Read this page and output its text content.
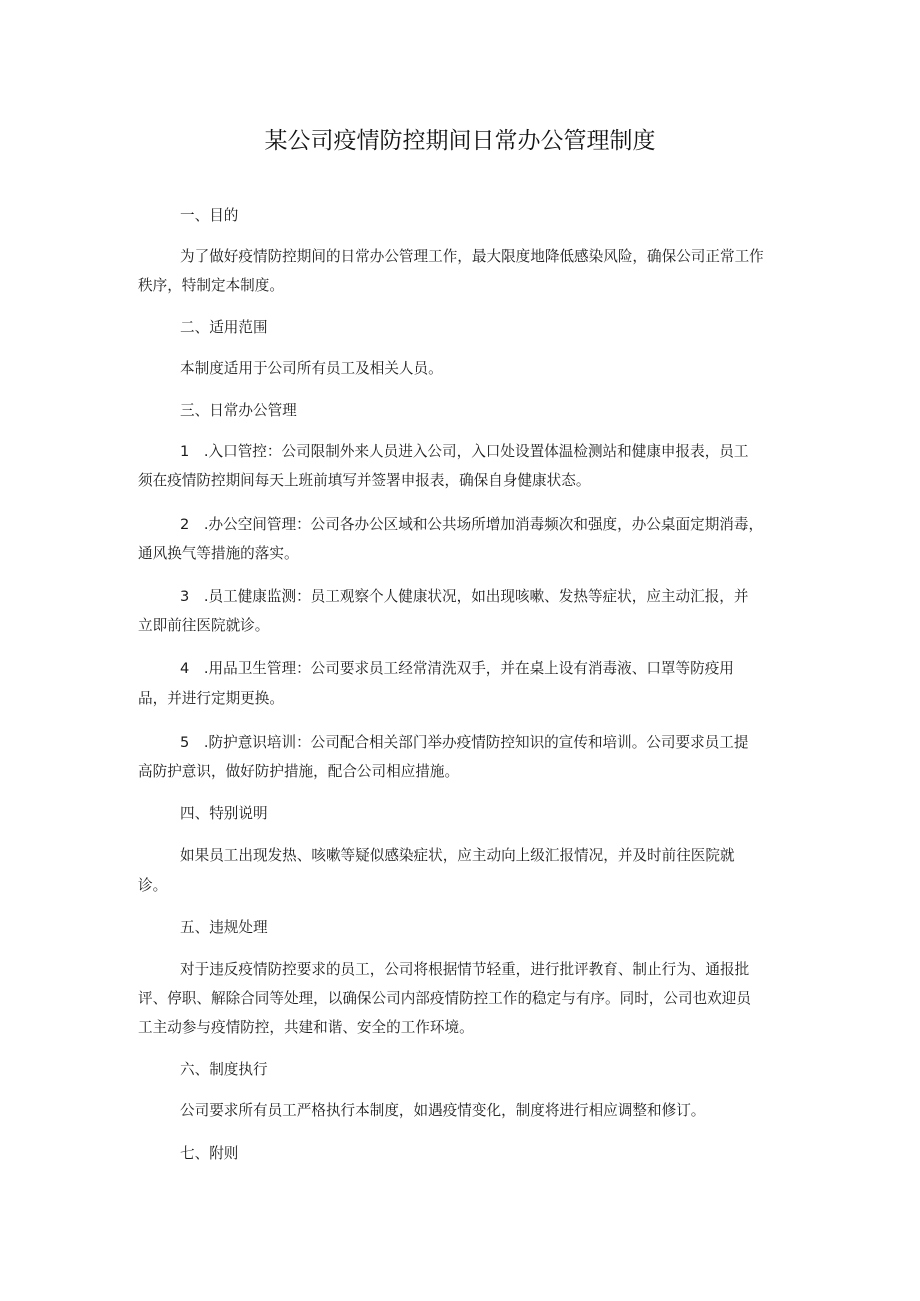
某公司疫情防控期间日常办公管理制度
一、目的
为了做好疫情防控期间的日常办公管理工作，最大限度地降低感染风险，确保公司正常工作
秩序，特制定本制度。
二、适用范围
本制度适用于公司所有员工及相关人员。
三、日常办公管理
1　.入口管控：公司限制外来人员进入公司，入口处设置体温检测站和健康申报表，员工
须在疫情防控期间每天上班前填写并签署申报表，确保自身健康状态。
2　.办公空间管理：公司各办公区域和公共场所增加消毒频次和强度，办公桌面定期消毒，
通风换气等措施的落实。
3　.员工健康监测：员工观察个人健康状况，如出现咳嗽、发热等症状，应主动汇报，并
立即前往医院就诊。
4　.用品卫生管理：公司要求员工经常清洗双手，并在桌上设有消毒液、口罩等防疫用
品，并进行定期更换。
5　.防护意识培训：公司配合相关部门举办疫情防控知识的宣传和培训。公司要求员工提
高防护意识，做好防护措施，配合公司相应措施。
四、特别说明
如果员工出现发热、咳嗽等疑似感染症状，应主动向上级汇报情况，并及时前往医院就
诊。
五、违规处理
对于违反疫情防控要求的员工，公司将根据情节轻重，进行批评教育、制止行为、通报批
评、停职、解除合同等处理，以确保公司内部疫情防控工作的稳定与有序。同时，公司也欢迎员
工主动参与疫情防控，共建和谐、安全的工作环境。
六、制度执行
公司要求所有员工严格执行本制度，如遇疫情变化，制度将进行相应调整和修订。
七、附则
